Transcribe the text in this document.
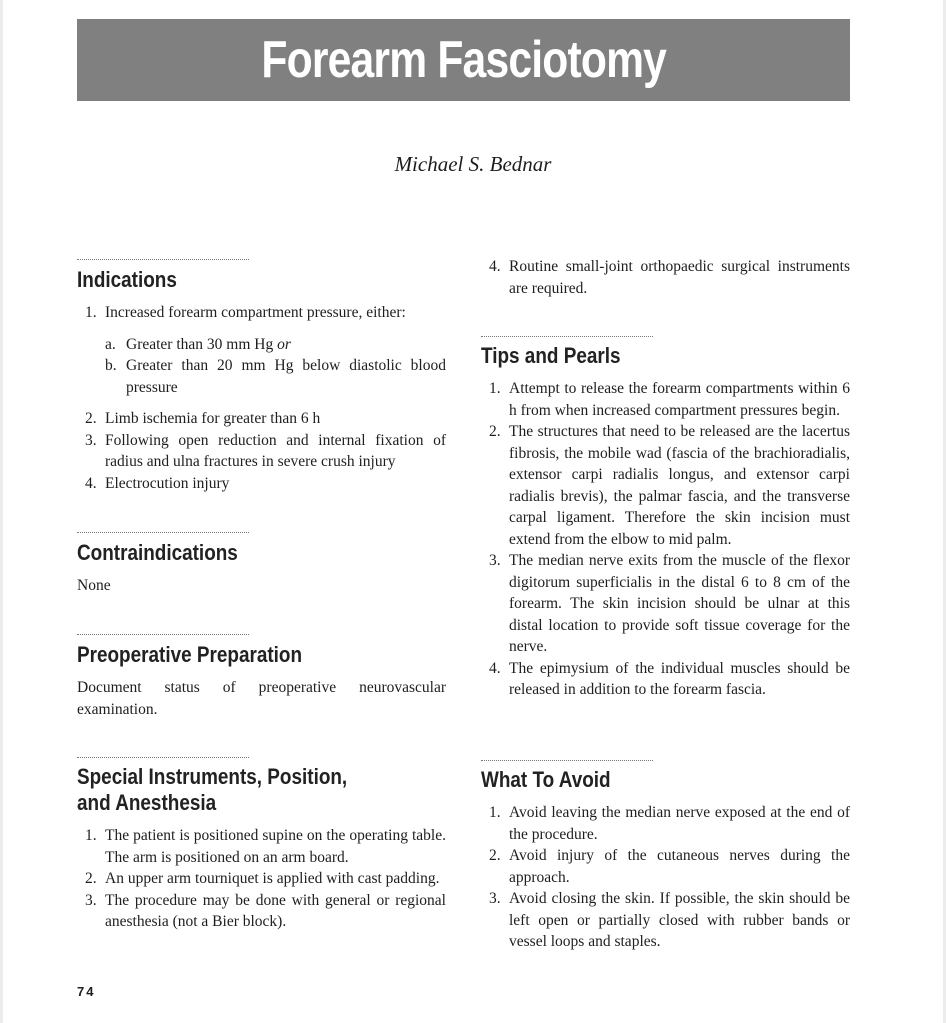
Forearm Fasciotomy
Michael S. Bednar
Indications
1. Increased forearm compartment pressure, either:
a. Greater than 30 mm Hg or
b. Greater than 20 mm Hg below diastolic blood pressure
2. Limb ischemia for greater than 6 h
3. Following open reduction and internal fixation of radius and ulna fractures in severe crush injury
4. Electrocution injury
Contraindications

None

Preoperative Preparation

Document status of preoperative neurovascular examination.

Special Instruments, Position,
and Anesthesia
1. The patient is positioned supine on the operating table. The arm is positioned on an arm board.
2. An upper arm tourniquet is applied with cast padding.
3. The procedure may be done with general or regional anesthesia (not a Bier block).
4. Routine small-joint orthopaedic surgical instruments are required.
Tips and Pearls
1. Attempt to release the forearm compartments within 6 h from when increased compartment pressures begin.
2. The structures that need to be released are the lacertus fibrosis, the mobile wad (fascia of the brachioradialis, extensor carpi radialis longus, and extensor carpi radialis brevis), the palmar fascia, and the transverse carpal ligament. Therefore the skin incision must extend from the elbow to mid palm.
3. The median nerve exits from the muscle of the flexor digitorum superficialis in the distal 6 to 8 cm of the forearm. The skin incision should be ulnar at this distal location to provide soft tissue coverage for the nerve.
4. The epimysium of the individual muscles should be released in addition to the forearm fascia.
What To Avoid
1. Avoid leaving the median nerve exposed at the end of the procedure.
2. Avoid injury of the cutaneous nerves during the approach.
3. Avoid closing the skin. If possible, the skin should be left open or partially closed with rubber bands or vessel loops and staples.
74
